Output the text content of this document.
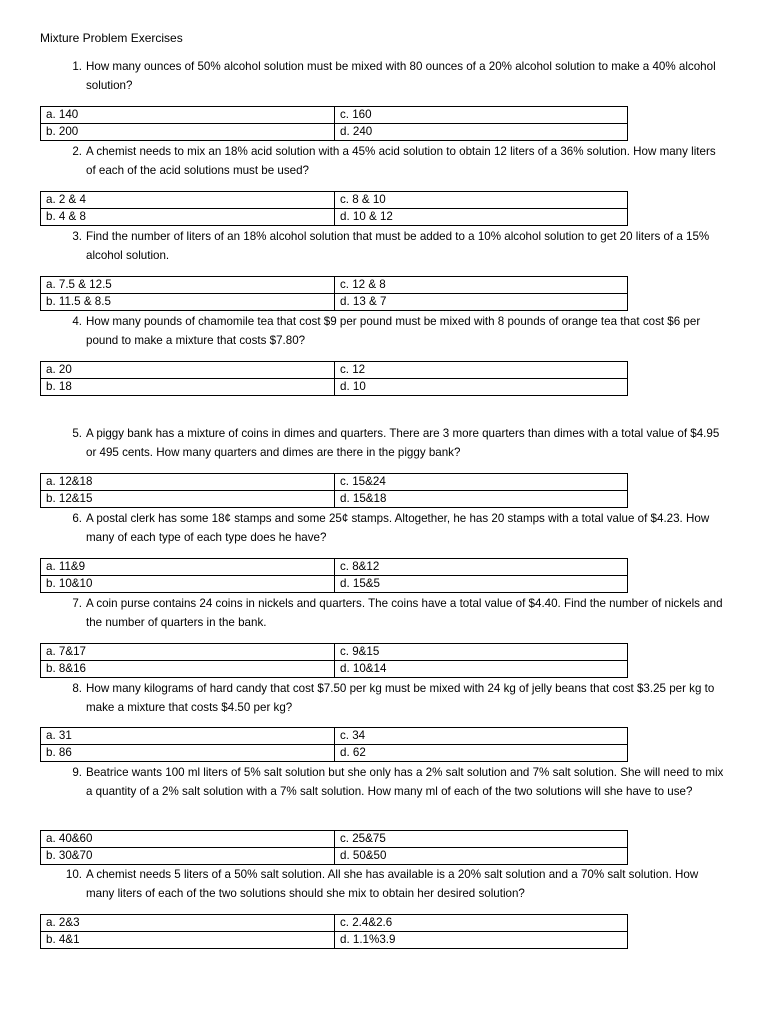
Mixture Problem Exercises
1. How many ounces of 50% alcohol solution must be mixed with 80 ounces of a 20% alcohol solution to make a 40% alcohol solution?
a. 140	c. 160
b. 200	d. 240
2. A chemist needs to mix an 18% acid solution with a 45% acid solution to obtain 12 liters of a 36% solution. How many liters of each of the acid solutions must be used?
a. 2 & 4	c. 8 & 10
b. 4 & 8	d. 10 & 12
3. Find the number of liters of an 18% alcohol solution that must be added to a 10% alcohol solution to get 20 liters of a 15% alcohol solution.
a. 7.5 & 12.5	c. 12 & 8
b. 11.5 & 8.5	d. 13 & 7
4. How many pounds of chamomile tea that cost $9 per pound must be mixed with 8 pounds of orange tea that cost $6 per pound to make a mixture that costs $7.80?
a. 20	c. 12
b. 18	d. 10
5. A piggy bank has a mixture of coins in dimes and quarters. There are 3 more quarters than dimes with a total value of $4.95 or 495 cents. How many quarters and dimes are there in the piggy bank?
a. 12&18	c. 15&24
b. 12&15	d. 15&18
6. A postal clerk has some 18¢ stamps and some 25¢ stamps. Altogether, he has 20 stamps with a total value of $4.23. How many of each type of each type does he have?
a. 11&9	c. 8&12
b. 10&10	d. 15&5
7. A coin purse contains 24 coins in nickels and quarters. The coins have a total value of $4.40. Find the number of nickels and the number of quarters in the bank.
a. 7&17	c. 9&15
b. 8&16	d. 10&14
8. How many kilograms of hard candy that cost $7.50 per kg must be mixed with 24 kg of jelly beans that cost $3.25 per kg to make a mixture that costs $4.50 per kg?
a. 31	c. 34
b. 86	d. 62
9. Beatrice wants 100 ml liters of 5% salt solution but she only has a 2% salt solution and 7% salt solution. She will need to mix a quantity of a 2% salt solution with a 7% salt solution. How many ml of each of the two solutions will she have to use?
a. 40&60	c. 25&75
b. 30&70	d. 50&50
10. A chemist needs 5 liters of a 50% salt solution. All she has available is a 20% salt solution and a 70% salt solution. How many liters of each of the two solutions should she mix to obtain her desired solution?
a. 2&3	c. 2.4&2.6
b. 4&1	d. 1.1%3.9
